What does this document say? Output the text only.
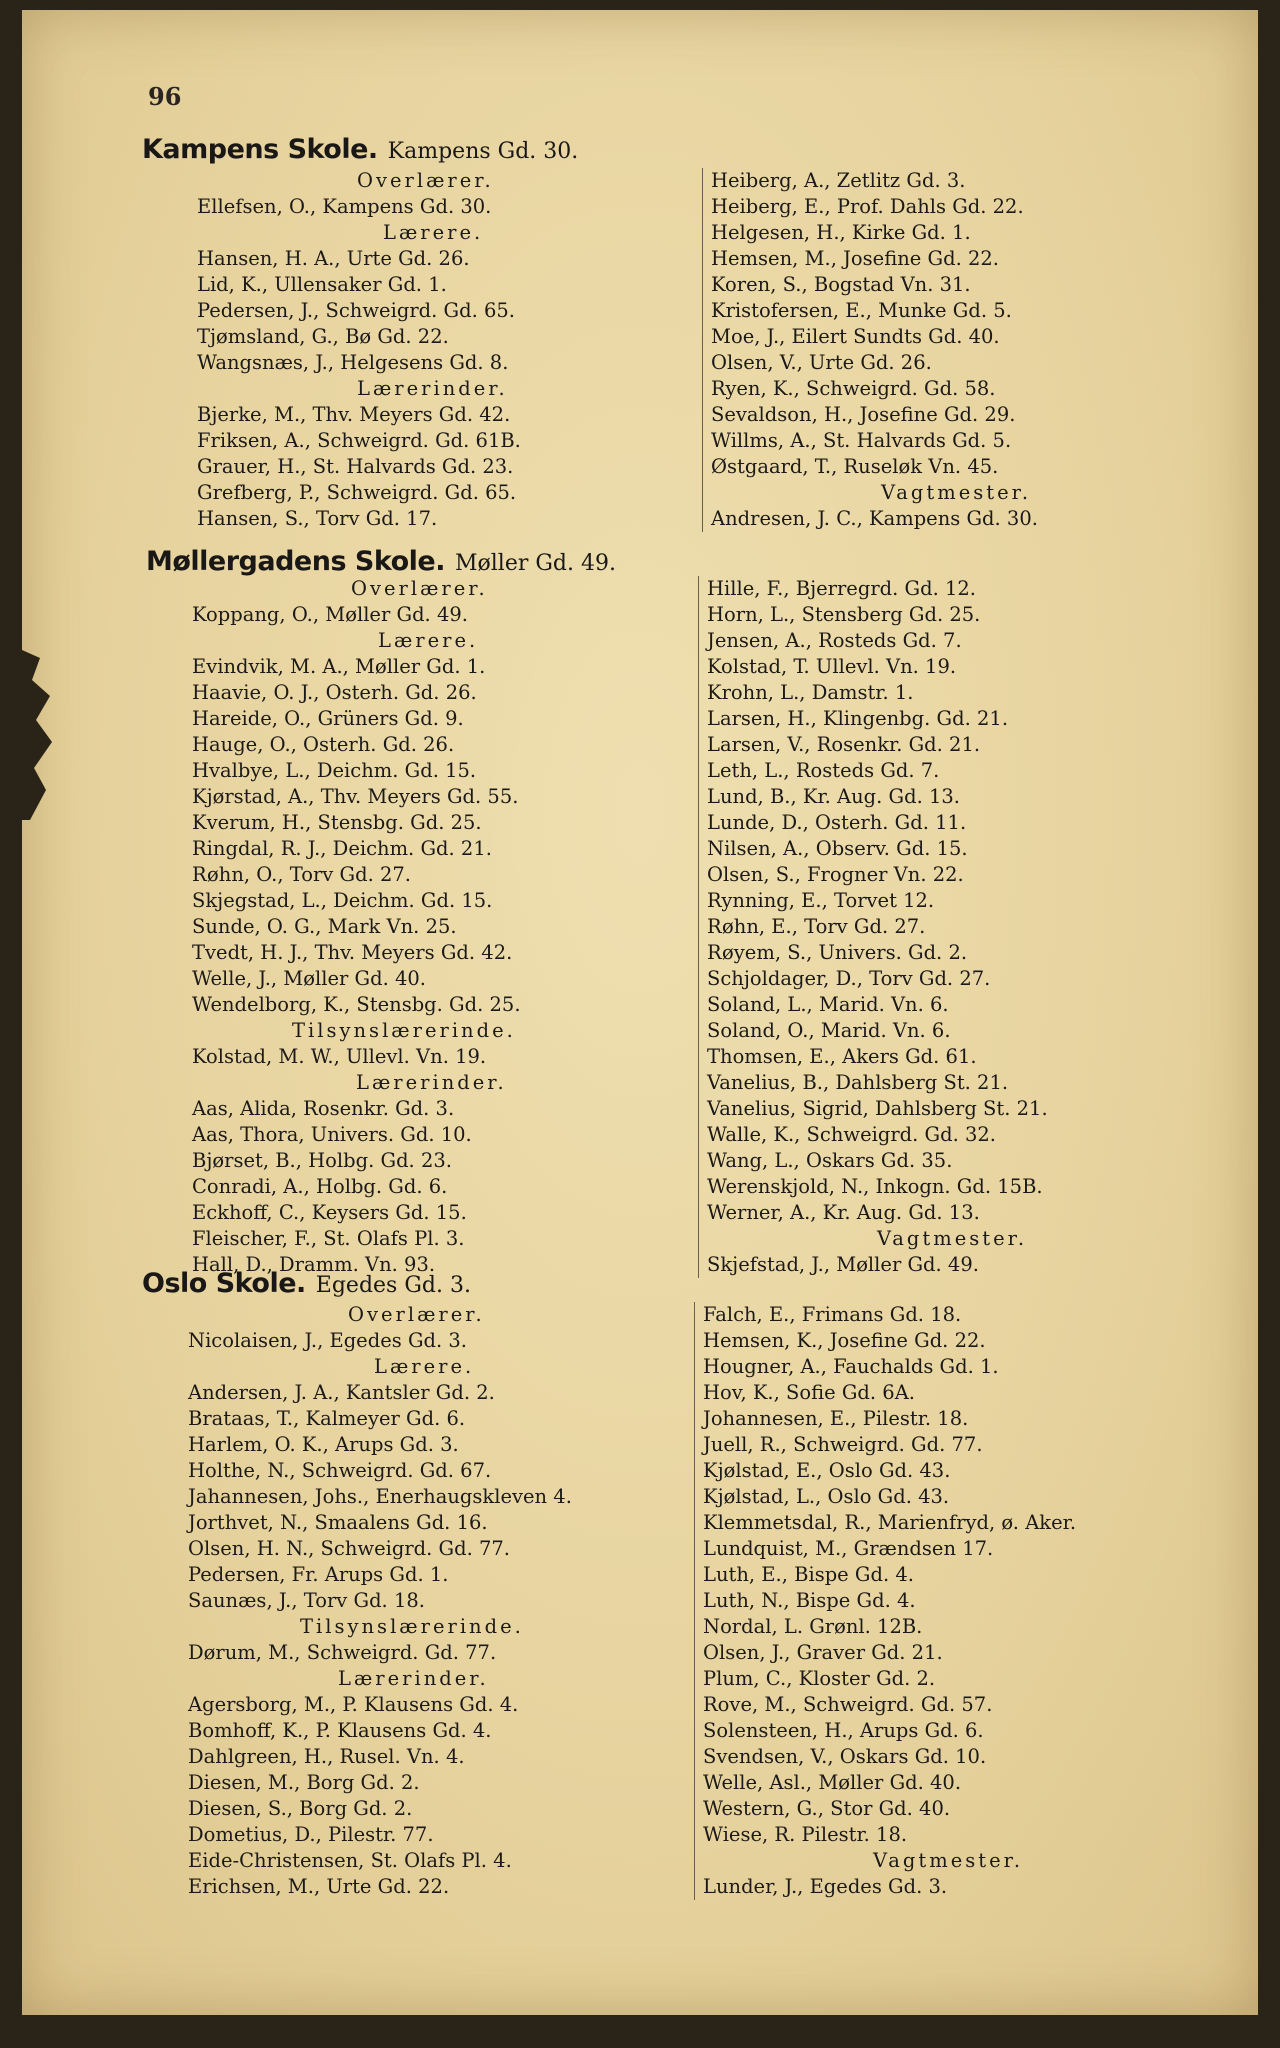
96
Kampens Skole. Kampens Gd. 30.
Overlærer.
Ellefsen, O., Kampens Gd. 30.
Lærere.
Hansen, H. A., Urte Gd. 26.
Lid, K., Ullensaker Gd. 1.
Pedersen, J., Schweigrd. Gd. 65.
Tjømsland, G., Bø Gd. 22.
Wangsnæs, J., Helgesens Gd. 8.
Lærerinder.
Bjerke, M., Thv. Meyers Gd. 42.
Friksen, A., Schweigrd. Gd. 61B.
Grauer, H., St. Halvards Gd. 23.
Grefberg, P., Schweigrd. Gd. 65.
Hansen, S., Torv Gd. 17.
Heiberg, A., Zetlitz Gd. 3.
Heiberg, E., Prof. Dahls Gd. 22.
Helgesen, H., Kirke Gd. 1.
Hemsen, M., Josefine Gd. 22.
Koren, S., Bogstad Vn. 31.
Kristofersen, E., Munke Gd. 5.
Moe, J., Eilert Sundts Gd. 40.
Olsen, V., Urte Gd. 26.
Ryen, K., Schweigrd. Gd. 58.
Sevaldson, H., Josefine Gd. 29.
Willms, A., St. Halvards Gd. 5.
Østgaard, T., Ruseløk Vn. 45.
Vagtmester.
Andresen, J. C., Kampens Gd. 30.
Møllergadens Skole. Møller Gd. 49.
Overlærer.
Koppang, O., Møller Gd. 49.
Lærere.
Evindvik, M. A., Møller Gd. 1.
Haavie, O. J., Osterh. Gd. 26.
Hareide, O., Grüners Gd. 9.
Hauge, O., Osterh. Gd. 26.
Hvalbye, L., Deichm. Gd. 15.
Kjørstad, A., Thv. Meyers Gd. 55.
Kverum, H., Stensbg. Gd. 25.
Ringdal, R. J., Deichm. Gd. 21.
Røhn, O., Torv Gd. 27.
Skjegstad, L., Deichm. Gd. 15.
Sunde, O. G., Mark Vn. 25.
Tvedt, H. J., Thv. Meyers Gd. 42.
Welle, J., Møller Gd. 40.
Wendelborg, K., Stensbg. Gd. 25.
Tilsynslærerinde.
Kolstad, M. W., Ullevl. Vn. 19.
Lærerinder.
Aas, Alida, Rosenkr. Gd. 3.
Aas, Thora, Univers. Gd. 10.
Bjørset, B., Holbg. Gd. 23.
Conradi, A., Holbg. Gd. 6.
Eckhoff, C., Keysers Gd. 15.
Fleischer, F., St. Olafs Pl. 3.
Hall, D., Dramm. Vn. 93.
Hille, F., Bjerregrd. Gd. 12.
Horn, L., Stensberg Gd. 25.
Jensen, A., Rosteds Gd. 7.
Kolstad, T. Ullevl. Vn. 19.
Krohn, L., Damstr. 1.
Larsen, H., Klingenbg. Gd. 21.
Larsen, V., Rosenkr. Gd. 21.
Leth, L., Rosteds Gd. 7.
Lund, B., Kr. Aug. Gd. 13.
Lunde, D., Osterh. Gd. 11.
Nilsen, A., Observ. Gd. 15.
Olsen, S., Frogner Vn. 22.
Rynning, E., Torvet 12.
Røhn, E., Torv Gd. 27.
Røyem, S., Univers. Gd. 2.
Schjoldager, D., Torv Gd. 27.
Soland, L., Marid. Vn. 6.
Soland, O., Marid. Vn. 6.
Thomsen, E., Akers Gd. 61.
Vanelius, B., Dahlsberg St. 21.
Vanelius, Sigrid, Dahlsberg St. 21.
Walle, K., Schweigrd. Gd. 32.
Wang, L., Oskars Gd. 35.
Werenskjold, N., Inkogn. Gd. 15B.
Werner, A., Kr. Aug. Gd. 13.
Vagtmester.
Skjefstad, J., Møller Gd. 49.
Oslo Skole. Egedes Gd. 3.
Overlærer.
Nicolaisen, J., Egedes Gd. 3.
Lærere.
Andersen, J. A., Kantsler Gd. 2.
Brataas, T., Kalmeyer Gd. 6.
Harlem, O. K., Arups Gd. 3.
Holthe, N., Schweigrd. Gd. 67.
Jahannesen, Johs., Enerhaugskleven 4.
Jorthvet, N., Smaalens Gd. 16.
Olsen, H. N., Schweigrd. Gd. 77.
Pedersen, Fr. Arups Gd. 1.
Saunæs, J., Torv Gd. 18.
Tilsynslærerinde.
Dørum, M., Schweigrd. Gd. 77.
Lærerinder.
Agersborg, M., P. Klausens Gd. 4.
Bomhoff, K., P. Klausens Gd. 4.
Dahlgreen, H., Rusel. Vn. 4.
Diesen, M., Borg Gd. 2.
Diesen, S., Borg Gd. 2.
Dometius, D., Pilestr. 77.
Eide-Christensen, St. Olafs Pl. 4.
Erichsen, M., Urte Gd. 22.
Falch, E., Frimans Gd. 18.
Hemsen, K., Josefine Gd. 22.
Hougner, A., Fauchalds Gd. 1.
Hov, K., Sofie Gd. 6A.
Johannesen, E., Pilestr. 18.
Juell, R., Schweigrd. Gd. 77.
Kjølstad, E., Oslo Gd. 43.
Kjølstad, L., Oslo Gd. 43.
Klemmetsdal, R., Marienfryd, ø. Aker.
Lundquist, M., Grændsen 17.
Luth, E., Bispe Gd. 4.
Luth, N., Bispe Gd. 4.
Nordal, L. Grønl. 12B.
Olsen, J., Graver Gd. 21.
Plum, C., Kloster Gd. 2.
Rove, M., Schweigrd. Gd. 57.
Solensteen, H., Arups Gd. 6.
Svendsen, V., Oskars Gd. 10.
Welle, Asl., Møller Gd. 40.
Western, G., Stor Gd. 40.
Wiese, R. Pilestr. 18.
Vagtmester.
Lunder, J., Egedes Gd. 3.
